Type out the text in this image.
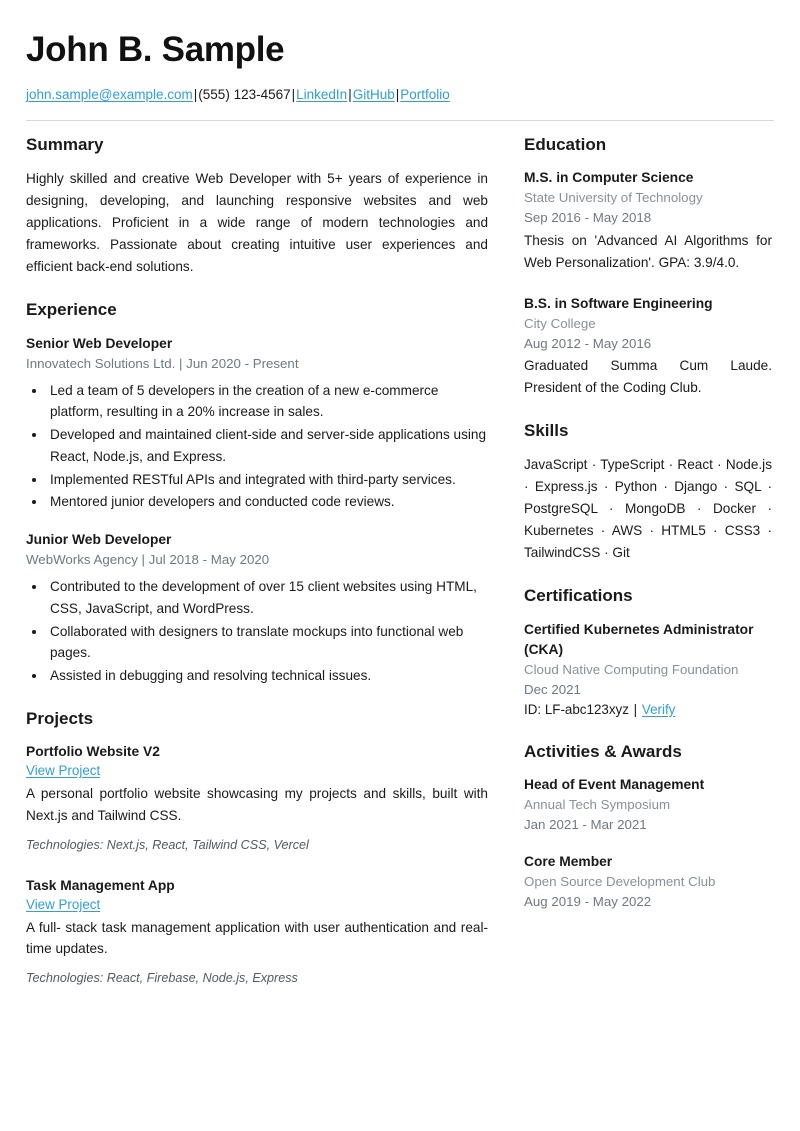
John B. Sample
john.sample@example.com|(555) 123-4567|LinkedIn|GitHub|Portfolio
Summary

Highly skilled and creative Web Developer with 5+ years of experience in designing, developing, and launching responsive websites and web applications. Proficient in a wide range of modern technologies and frameworks. Passionate about creating intuitive user experiences and efficient back-end solutions.

Experience

Senior Web Developer

Innovatech Solutions Ltd. | Jun 2020 - Present

• Led a team of 5 developers in the creation of a new e-commerce platform, resulting in a 20% increase in sales.
• Developed and maintained client-side and server-side applications using React, Node.js, and Express.
• Implemented RESTful APIs and integrated with third-party services.
• Mentored junior developers and conducted code reviews.

Junior Web Developer

WebWorks Agency | Jul 2018 - May 2020

• Contributed to the development of over 15 client websites using HTML, CSS, JavaScript, and WordPress.
• Collaborated with designers to translate mockups into functional web pages.
• Assisted in debugging and resolving technical issues.
Projects

Portfolio Website V2

View Project

A personal portfolio website showcasing my projects and skills, built with Next.js and Tailwind CSS.

Technologies: Next.js, React, Tailwind CSS, Vercel

Task Management App

View Project

A full- stack task management application with user authentication and real-time updates.

Technologies: React, Firebase, Node.js, Express

Education

M.S. in Computer Science

State University of Technology

Sep 2016 - May 2018

Thesis on 'Advanced AI Algorithms for Web Personalization'. GPA: 3.9/4.0.

B.S. in Software Engineering

City College

Aug 2012 - May 2016

Graduated Summa Cum Laude. President of the Coding Club.

Skills

JavaScript · TypeScript · React · Node.js · Express.js · Python · Django · SQL · PostgreSQL · MongoDB · Docker · Kubernetes · AWS · HTML5 · CSS3 · TailwindCSS · Git

Certifications

Certified Kubernetes Administrator (CKA)

Cloud Native Computing Foundation

Dec 2021

ID: LF-abc123xyz | Verify

Activities & Awards

Head of Event Management

Annual Tech Symposium

Jan 2021 - Mar 2021

Core Member

Open Source Development Club

Aug 2019 - May 2022
